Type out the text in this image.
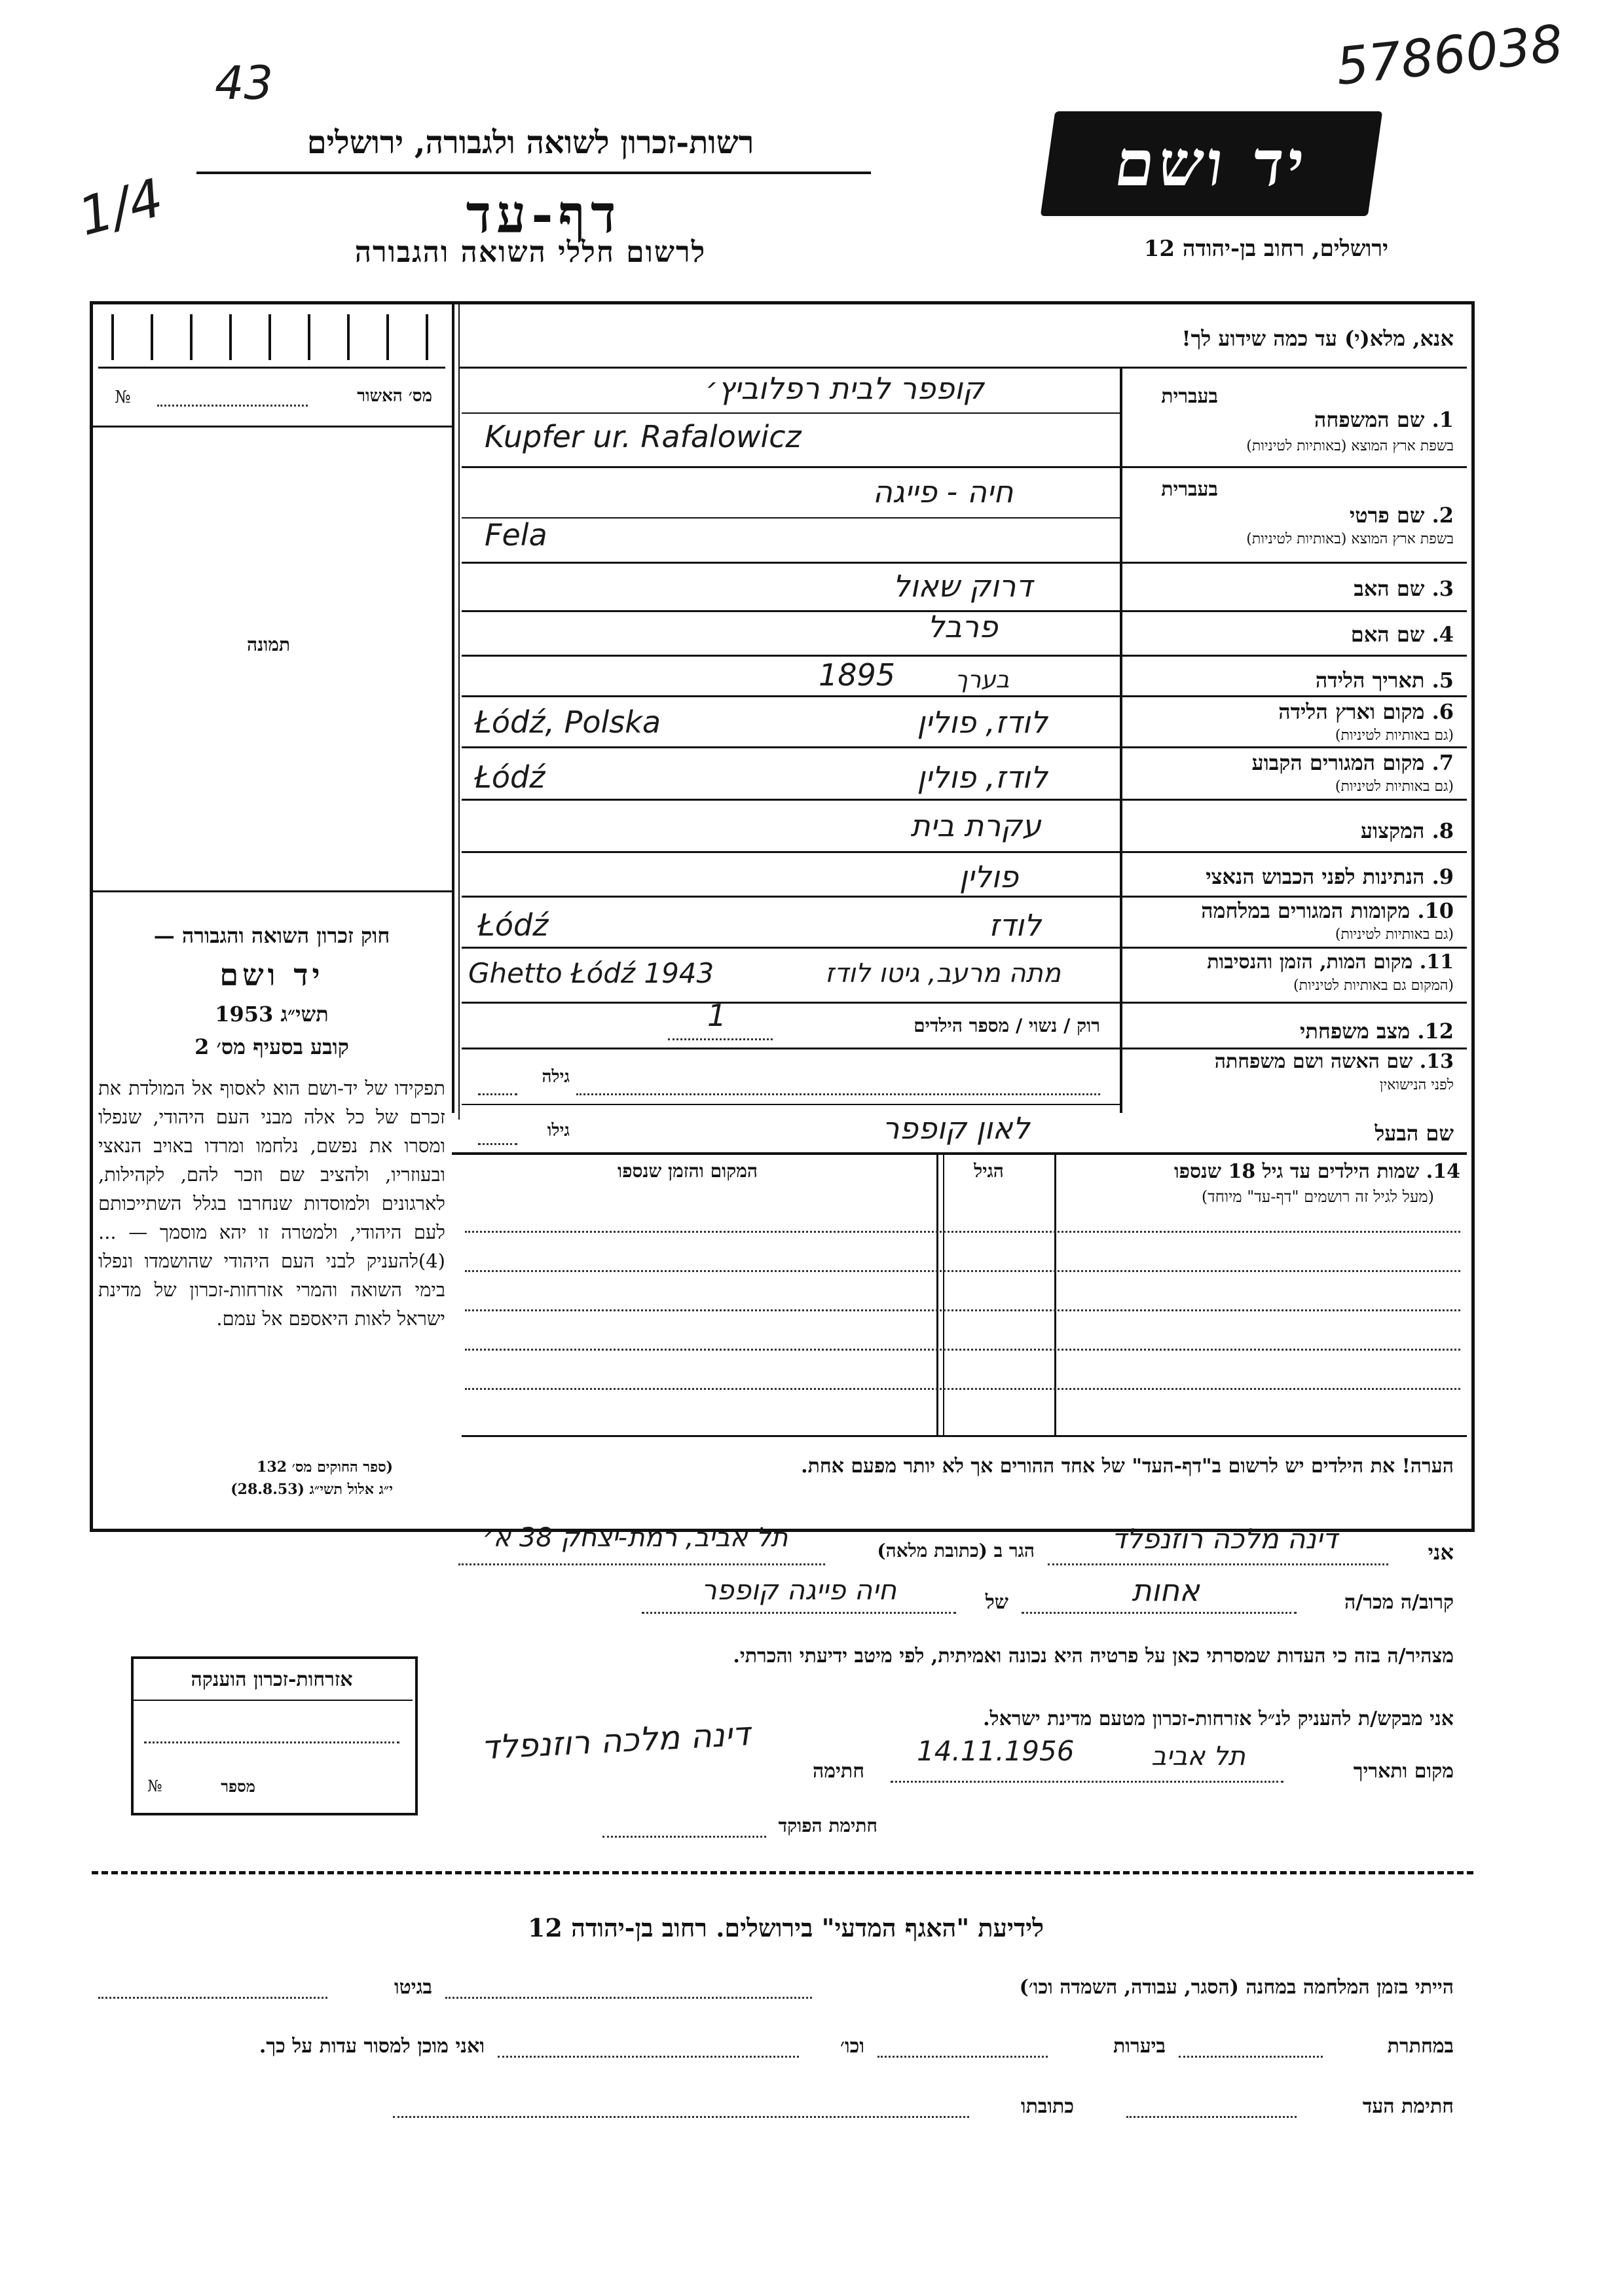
43
1/4
5786038
רשות-זכרון לשואה ולגבורה, ירושלים
דף-עד
לרשום חללי השואה והגבורה
יד ושם
ירושלים, רחוב בן-יהודה 12
מס׳ האשור
№
תמונה
חוק זכרון השואה והגבורה —
יד ושם
תשי״ג 1953
קובע בסעיף מס׳ 2
תפקידו של יד-ושם הוא לאסוף אל המולדת את זכרם של כל אלה מבני העם היהודי, שנפלו ומסרו את נפשם, נלחמו ומרדו באויב הנאצי ובעוזריו, ולהציב שם וזכר להם, לקהילות, לארגונים ולמוסדות שנחרבו בגלל השתייכותם לעם היהודי, ולמטרה זו יהא מוסמך — ...(4)להעניק לבני העם היהודי שהושמדו ונפלו בימי השואה והמרי אזרחות-זכרון של מדינת ישראל לאות היאספם אל עמם.
(ספר החוקים מס׳ 132
י״ג אלול תשי״ג (28.8.53)
אנא, מלא(י) עד כמה שידוע לך!
בעברית
1. שם המשפחה
בשפת ארץ המוצא (באותיות לטיניות)
קופפר לבית רפלוביץ׳
Kupfer ur. Rafalowicz
בעברית
2. שם פרטי
בשפת ארץ המוצא (באותיות לטיניות)
חיה - פייגה
Fela
3. שם האב
דרוק שאול
4. שם האם
פרבל
5. תאריך הלידה
1895	בערך
6. מקום וארץ הלידה
(גם באותיות לטיניות)
Łódź, Polska	לודז, פולין
7. מקום המגורים הקבוע
(גם באותיות לטיניות)
Łódź	לודז, פולין
8. המקצוע
עקרת בית
9. הנתינות לפני הכבוש הנאצי
פולין
10. מקומות המגורים במלחמה
(גם באותיות לטיניות)
Łódź	לודז
11. מקום המות, הזמן והנסיבות
(המקום גם באותיות לטיניות)
Ghetto Łódź 1943	מתה מרעב, גיטו לודז
12. מצב משפחתי
רוק / נשוי / מספר הילדים
1
13. שם האשה ושם משפחתה
לפני הנישואין
גילה
שם הבעל
לאון קופפר
גילו
14. שמות הילדים עד גיל 18 שנספו
(מעל לגיל זה רושמים "דף-עד" מיוחד)
הגיל
המקום והזמן שנספו
הערה! את הילדים יש לרשום ב"דף-העד" של אחד ההורים אך לא יותר מפעם אחת.
אני
דינה מלכה רוזנפלד
הגר ב (כתובת מלאה)
תל אביב, רמת-יצחק 38 א׳
קרוב/ה מכר/ה
אחות
של
חיה פייגה קופפר
מצהיר/ה בזה כי העדות שמסרתי כאן על פרטיה היא נכונה ואמיתית, לפי מיטב ידיעתי והכרתי.
אני מבקש/ת להעניק לנ״ל אזרחות-זכרון מטעם מדינת ישראל.
מקום ותאריך
תל אביב
14.11.1956
חתימה
דינה מלכה רוזנפלד
חתימת הפוקד
אזרחות-זכרון הוענקה
מספר
№
לידיעת "האגף המדעי" בירושלים. רחוב בן-יהודה 12
הייתי בזמן המלחמה במחנה (הסגר, עבודה, השמדה וכו׳)
בגיטו
במחתרת
ביערות
וכו׳
ואני מוכן למסור עדות על כך.
חתימת העד
כתובתו
